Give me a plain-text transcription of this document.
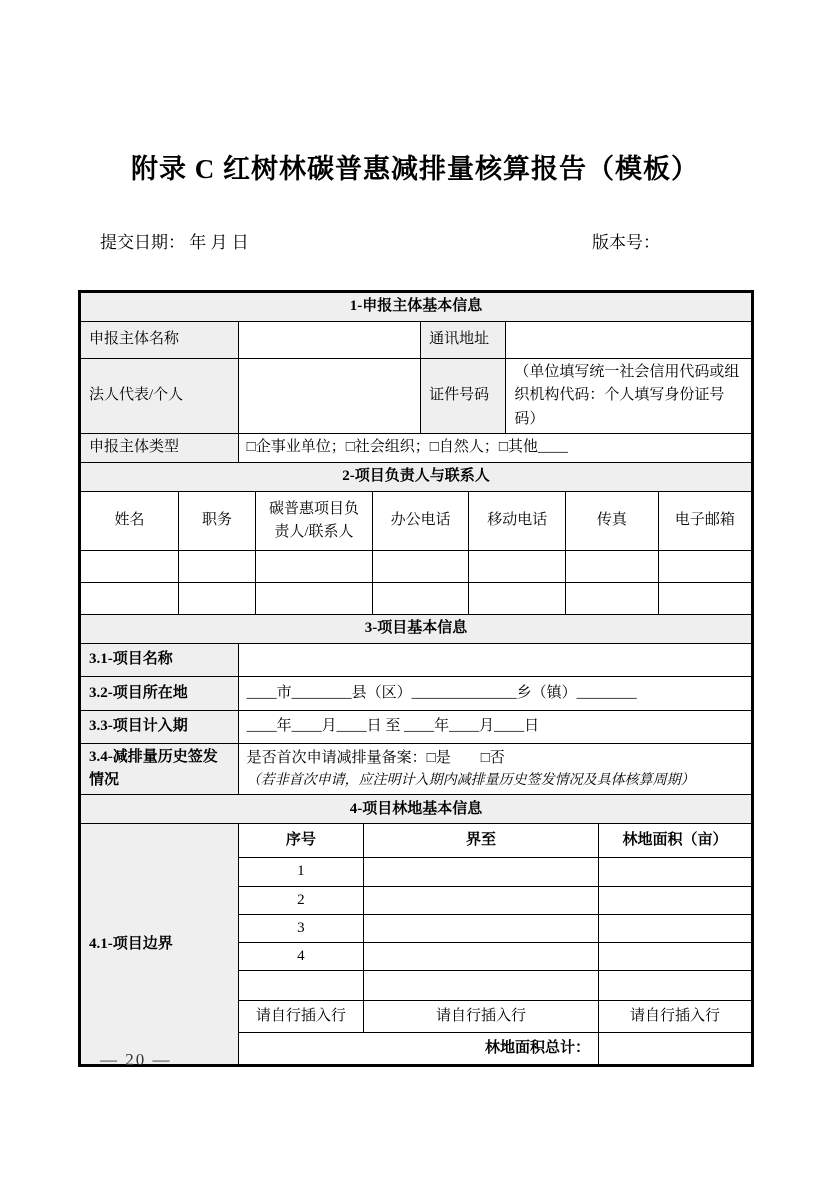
附录 C 红树林碳普惠减排量核算报告（模板）
提交日期： 年 月 日	版本号：
1-申报主体基本信息			
申报主体名称		通讯地址	
法人代表/个人		证件号码	（单位填写统一社会信用代码或组织机构代码：个人填写身份证号码）
申报主体类型	□企事业单位；□社会组织；□自然人；□其他____		
2-项目负责人与联系人						
姓名	职务	碳普惠项目负责人/联系人	办公电话	移动电话	传真	电子邮箱

3-项目基本信息	
3.1-项目名称	
3.2-项目所在地	____市________县（区）______________乡（镇）________
3.3-项目计入期	____年____月____日 至 ____年____月____日
3.4-减排量历史签发情况	是否首次申请减排量备案：□是　　□否
（若非首次申请，应注明计入期内减排量历史签发情况及具体核算周期）
4-项目林地基本信息			
4.1-项目边界	序号	界至	林地面积（亩）
	1		
	2		
	3		
	4		

	请自行插入行	请自行插入行	请自行插入行
	林地面积总计：		
— 20 —
